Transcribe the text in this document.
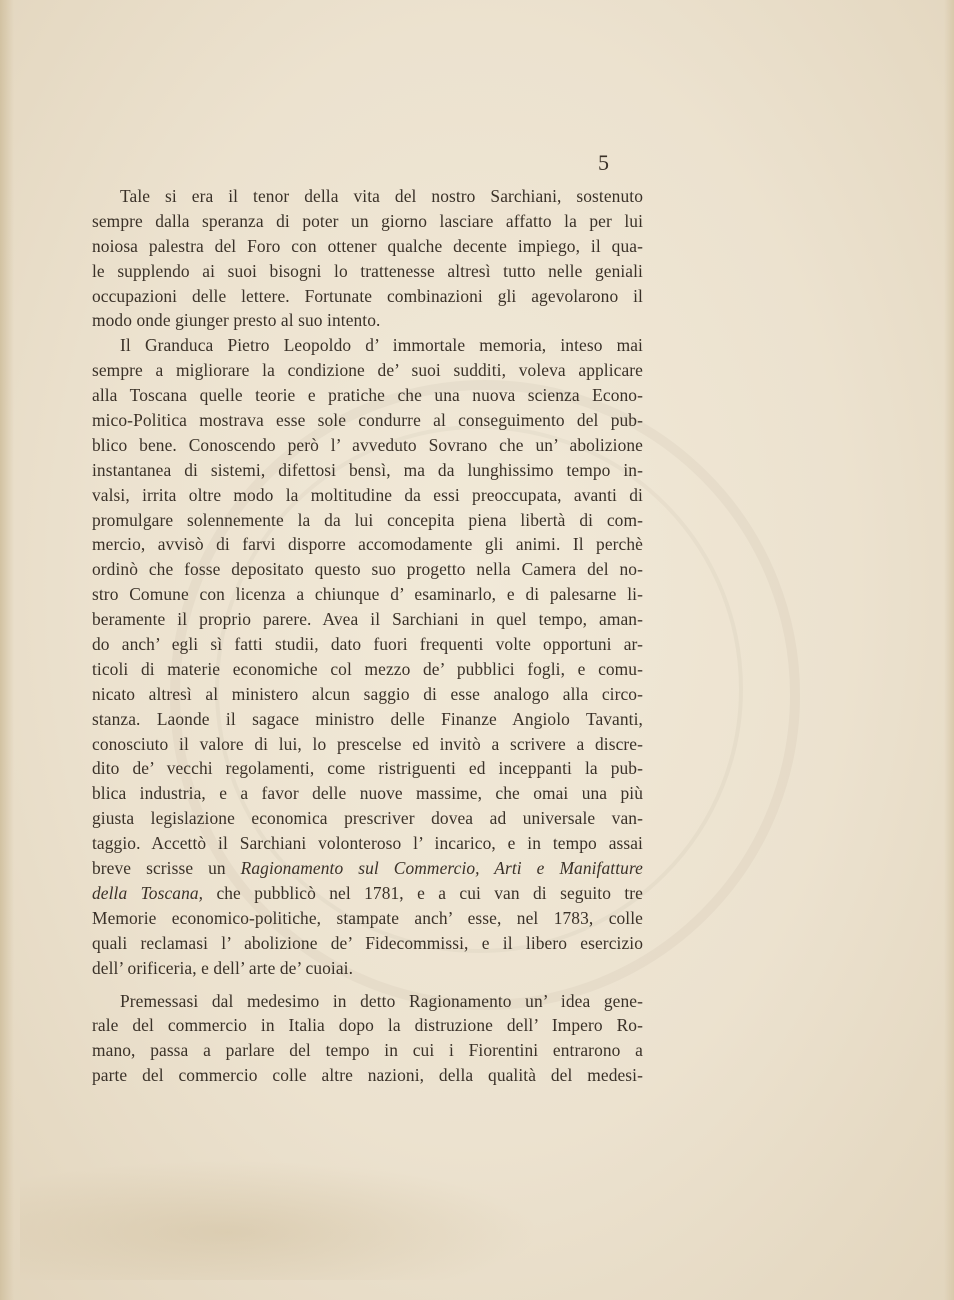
5
Tale si era il tenor della vita del nostro Sarchiani, sostenuto
sempre dalla speranza di poter un giorno lasciare affatto la per lui
noiosa palestra del Foro con ottener qualche decente impiego, il qua-
le supplendo ai suoi bisogni lo trattenesse altresì tutto nelle geniali
occupazioni delle lettere. Fortunate combinazioni gli agevolarono il
modo onde giunger presto al suo intento.
Il Granduca Pietro Leopoldo d’ immortale memoria, inteso mai
sempre a migliorare la condizione de’ suoi sudditi, voleva applicare
alla Toscana quelle teorie e pratiche che una nuova scienza Econo-
mico-Politica mostrava esse sole condurre al conseguimento del pub-
blico bene. Conoscendo però l’ avveduto Sovrano che un’ abolizione
instantanea di sistemi, difettosi bensì, ma da lunghissimo tempo in-
valsi, irrita oltre modo la moltitudine da essi preoccupata, avanti di
promulgare solennemente la da lui concepita piena libertà di com-
mercio, avvisò di farvi disporre accomodamente gli animi. Il perchè
ordinò che fosse depositato questo suo progetto nella Camera del no-
stro Comune con licenza a chiunque d’ esaminarlo, e di palesarne li-
beramente il proprio parere. Avea il Sarchiani in quel tempo, aman-
do anch’ egli sì fatti studii, dato fuori frequenti volte opportuni ar-
ticoli di materie economiche col mezzo de’ pubblici fogli, e comu-
nicato altresì al ministero alcun saggio di esse analogo alla circo-
stanza. Laonde il sagace ministro delle Finanze Angiolo Tavanti,
conosciuto il valore di lui, lo prescelse ed invitò a scrivere a discre-
dito de’ vecchi regolamenti, come ristriguenti ed inceppanti la pub-
blica industria, e a favor delle nuove massime, che omai una più
giusta legislazione economica prescriver dovea ad universale van-
taggio. Accettò il Sarchiani volonteroso l’ incarico, e in tempo assai
breve scrisse un Ragionamento sul Commercio, Arti e Manifatture
della Toscana, che pubblicò nel 1781, e a cui van di seguito tre
Memorie economico-politiche, stampate anch’ esse, nel 1783, colle
quali reclamasi l’ abolizione de’ Fidecommissi, e il libero esercizio
dell’ orificeria, e dell’ arte de’ cuoiai.
Premessasi dal medesimo in detto Ragionamento un’ idea gene-
rale del commercio in Italia dopo la distruzione dell’ Impero Ro-
mano, passa a parlare del tempo in cui i Fiorentini entrarono a
parte del commercio colle altre nazioni, della qualità del medesi-
